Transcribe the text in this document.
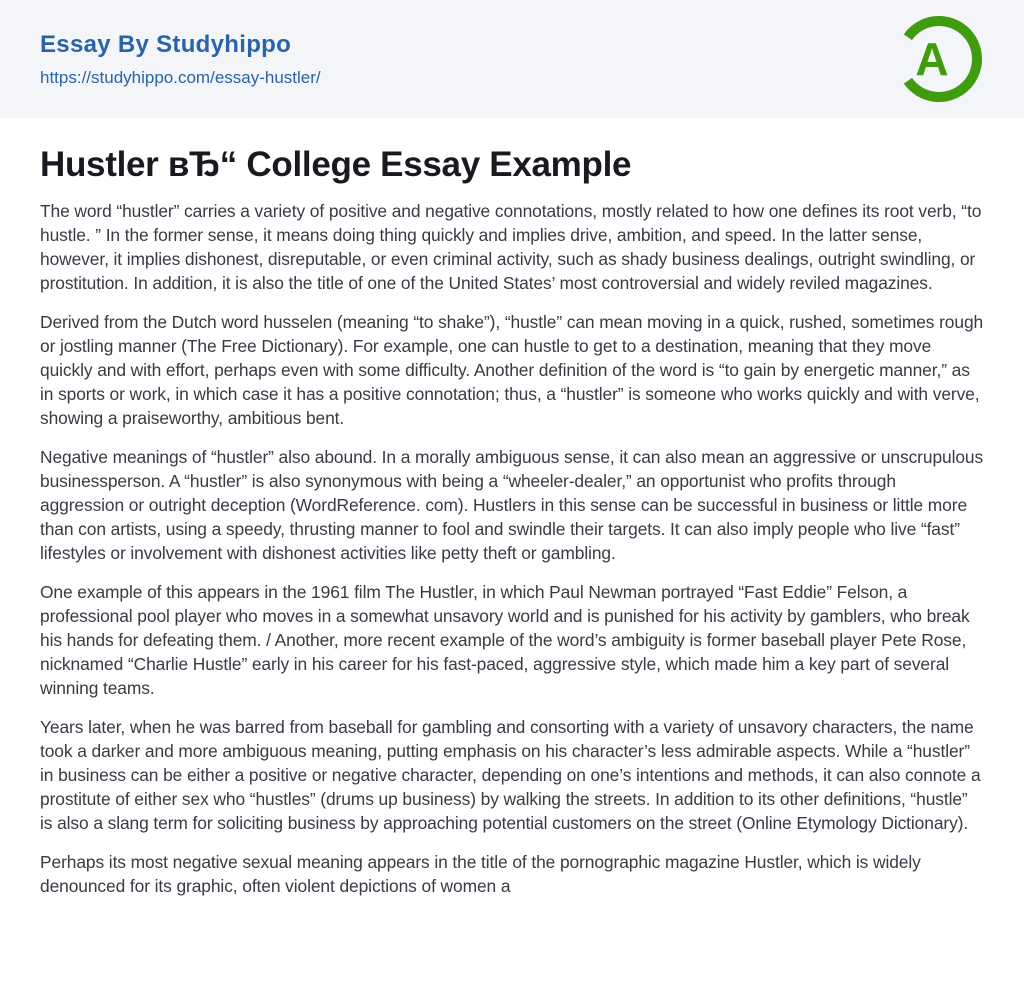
Essay By Studyhippo
https://studyhippo.com/essay-hustler/	A
Hustler вЂ“ College Essay Example

The word “hustler” carries a variety of positive and negative connotations, mostly related to how one defines its root verb, “to hustle. ” In the former sense, it means doing thing quickly and implies drive, ambition, and speed. In the latter sense, however, it implies dishonest, disreputable, or even criminal activity, such as shady business dealings, outright swindling, or prostitution. In addition, it is also the title of one of the United States’ most controversial and widely reviled magazines.

Derived from the Dutch word husselen (meaning “to shake”), “hustle” can mean moving in a quick, rushed, sometimes rough or jostling manner (The Free Dictionary). For example, one can hustle to get to a destination, meaning that they move quickly and with effort, perhaps even with some difficulty. Another definition of the word is “to gain by energetic manner,” as in sports or work, in which case it has a positive connotation; thus, a “hustler” is someone who works quickly and with verve, showing a praiseworthy, ambitious bent.

Negative meanings of “hustler” also abound. In a morally ambiguous sense, it can also mean an aggressive or unscrupulous businessperson. A “hustler” is also synonymous with being a “wheeler-dealer,” an opportunist who profits through aggression or outright deception (WordReference. com). Hustlers in this sense can be successful in business or little more than con artists, using a speedy, thrusting manner to fool and swindle their targets. It can also imply people who live “fast” lifestyles or involvement with dishonest activities like petty theft or gambling.

One example of this appears in the 1961 film The Hustler, in which Paul Newman portrayed “Fast Eddie” Felson, a professional pool player who moves in a somewhat unsavory world and is punished for his activity by gamblers, who break his hands for defeating them. / Another, more recent example of the word’s ambiguity is former baseball player Pete Rose, nicknamed “Charlie Hustle” early in his career for his fast-paced, aggressive style, which made him a key part of several winning teams.

Years later, when he was barred from baseball for gambling and consorting with a variety of unsavory characters, the name took a darker and more ambiguous meaning, putting emphasis on his character’s less admirable aspects. While a “hustler” in business can be either a positive or negative character, depending on one’s intentions and methods, it can also connote a prostitute of either sex who “hustles” (drums up business) by walking the streets. In addition to its other definitions, “hustle” is also a slang term for soliciting business by approaching potential customers on the street (Online Etymology Dictionary).

Perhaps its most negative sexual meaning appears in the title of the pornographic magazine Hustler, which is widely denounced for its graphic, often violent depictions of women a
